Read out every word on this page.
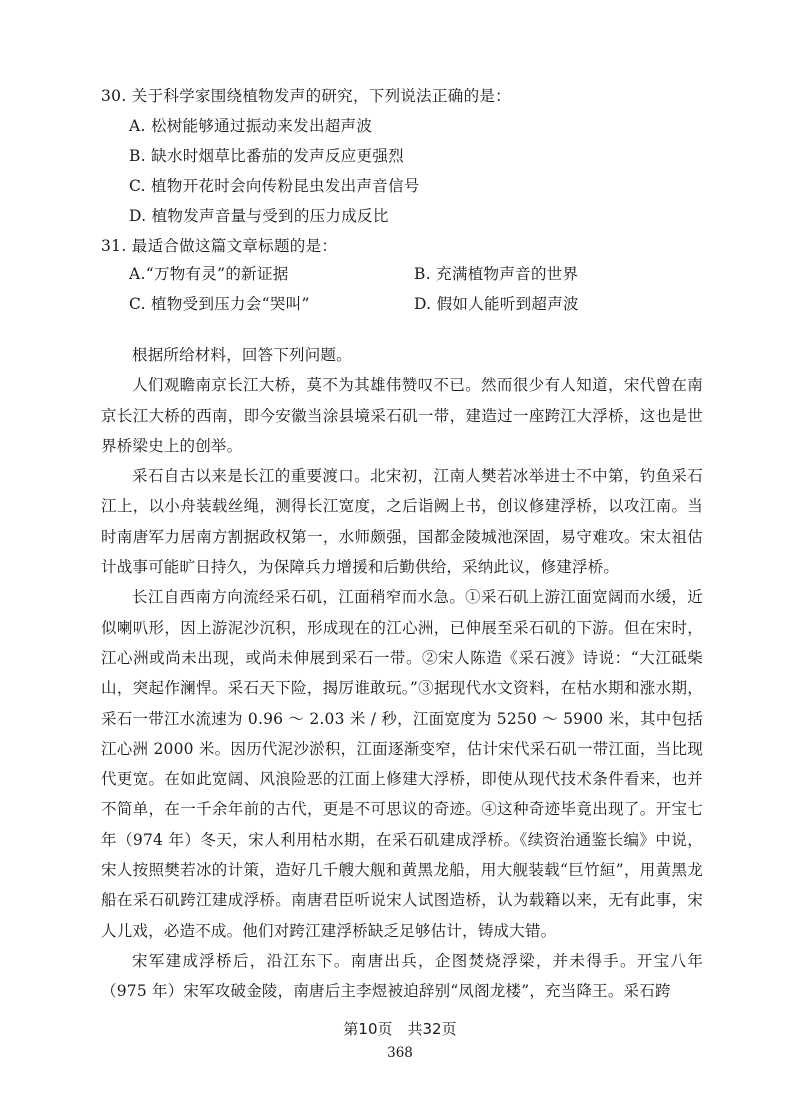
30. 关于科学家围绕植物发声的研究，下列说法正确的是：
A. 松树能够通过振动来发出超声波
B. 缺水时烟草比番茄的发声反应更强烈
C. 植物开花时会向传粉昆虫发出声音信号
D. 植物发声音量与受到的压力成反比
31. 最适合做这篇文章标题的是：
A.“万物有灵”的新证据	B. 充满植物声音的世界
C. 植物受到压力会“哭叫”	D. 假如人能听到超声波

根据所给材料，回答下列问题。

人们观瞻南京长江大桥，莫不为其雄伟赞叹不已。然而很少有人知道，宋代曾在南京长江大桥的西南，即今安徽当涂县境采石矶一带，建造过一座跨江大浮桥，这也是世界桥梁史上的创举。

采石自古以来是长江的重要渡口。北宋初，江南人樊若冰举进士不中第，钓鱼采石江上，以小舟装载丝绳，测得长江宽度，之后诣阙上书，创议修建浮桥，以攻江南。当时南唐军力居南方割据政权第一，水师颇强，国都金陵城池深固，易守难攻。宋太祖估计战事可能旷日持久，为保障兵力增援和后勤供给，采纳此议，修建浮桥。

长江自西南方向流经采石矶，江面稍窄而水急。①采石矶上游江面宽阔而水缓，近似喇叭形，因上游泥沙沉积，形成现在的江心洲，已伸展至采石矶的下游。但在宋时，江心洲或尚未出现，或尚未伸展到采石一带。②宋人陈造《采石渡》诗说：“大江砥柴山，突起作澜悍。采石天下险，揭厉谁敢玩。”③据现代水文资料，在枯水期和涨水期，采石一带江水流速为 0.96 ～ 2.03 米 / 秒，江面宽度为 5250 ～ 5900 米，其中包括江心洲 2000 米。因历代泥沙淤积，江面逐渐变窄，估计宋代采石矶一带江面，当比现代更宽。在如此宽阔、风浪险恶的江面上修建大浮桥，即使从现代技术条件看来，也并不简单，在一千余年前的古代，更是不可思议的奇迹。④这种奇迹毕竟出现了。开宝七年（974 年）冬天，宋人利用枯水期，在采石矶建成浮桥。《续资治通鉴长编》中说，宋人按照樊若冰的计策，造好几千艘大舰和黄黑龙船，用大舰装载“巨竹絙”，用黄黑龙船在采石矶跨江建成浮桥。南唐君臣听说宋人试图造桥，认为载籍以来，无有此事，宋人儿戏，必造不成。他们对跨江建浮桥缺乏足够估计，铸成大错。

宋军建成浮桥后，沿江东下。南唐出兵，企图焚烧浮梁，并未得手。开宝八年（975 年）宋军攻破金陵，南唐后主李煜被迫辞别“凤阁龙楼”，充当降王。采石跨

第10页　共32页
368
